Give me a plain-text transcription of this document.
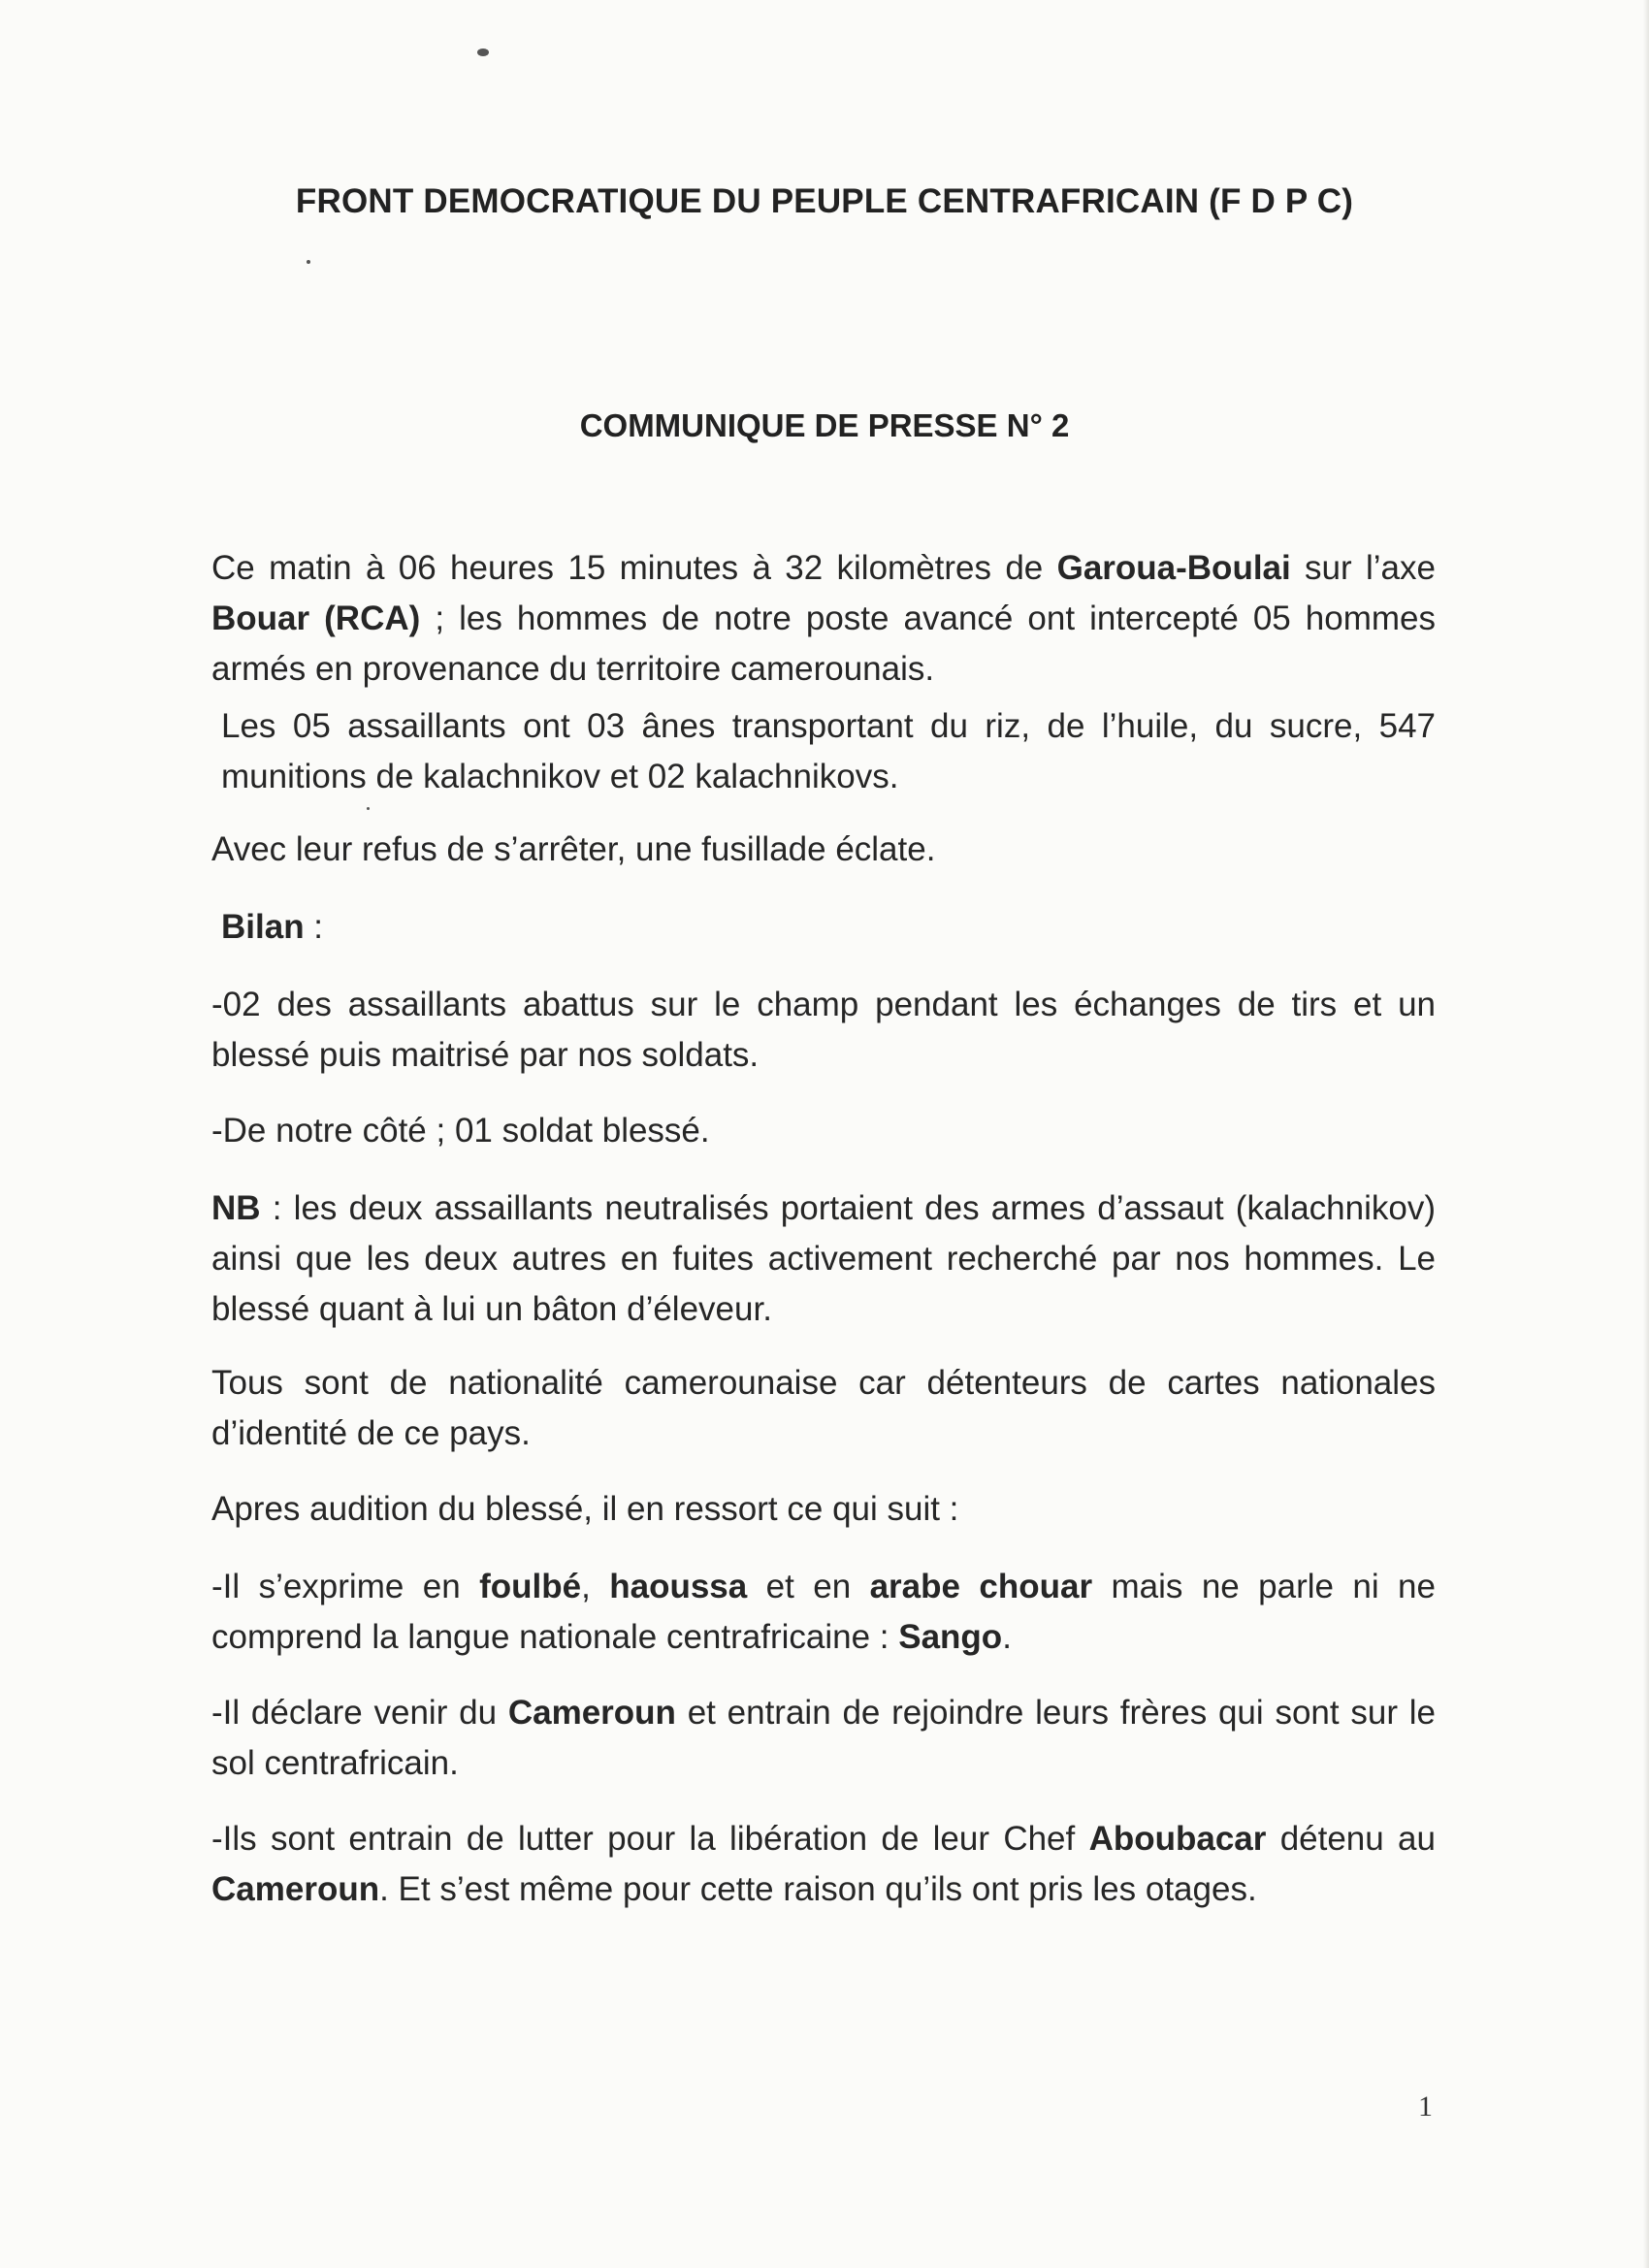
FRONT DEMOCRATIQUE DU PEUPLE CENTRAFRICAIN (F D P C)
COMMUNIQUE DE PRESSE N° 2

Ce matin à 06 heures 15 minutes à 32 kilomètres de Garoua-Boulai sur l’axe Bouar (RCA) ; les hommes de notre poste avancé ont intercepté 05 hommes armés en provenance du territoire camerounais.

Les 05 assaillants ont 03 ânes transportant du riz, de l’huile, du sucre, 547 munitions de kalachnikov et 02 kalachnikovs.

Avec leur refus de s’arrêter, une fusillade éclate.

Bilan :

-02 des assaillants abattus sur le champ pendant les échanges de tirs et un blessé puis maitrisé par nos soldats.

-De notre côté ; 01 soldat blessé.

NB : les deux assaillants neutralisés portaient des armes d’assaut (kalachnikov) ainsi que les deux autres en fuites activement recherché par nos hommes. Le blessé quant à lui un bâton d’éleveur.

Tous sont de nationalité camerounaise car détenteurs de cartes nationales d’identité de ce pays.

Apres audition du blessé, il en ressort ce qui suit :

-Il s’exprime en foulbé, haoussa et en arabe chouar mais ne parle ni ne comprend la langue nationale centrafricaine : Sango.

-Il déclare venir du Cameroun et entrain de rejoindre leurs frères qui sont sur le sol centrafricain.

-Ils sont entrain de lutter pour la libération de leur Chef Aboubacar détenu au Cameroun. Et s’est même pour cette raison qu’ils ont pris les otages.

1
